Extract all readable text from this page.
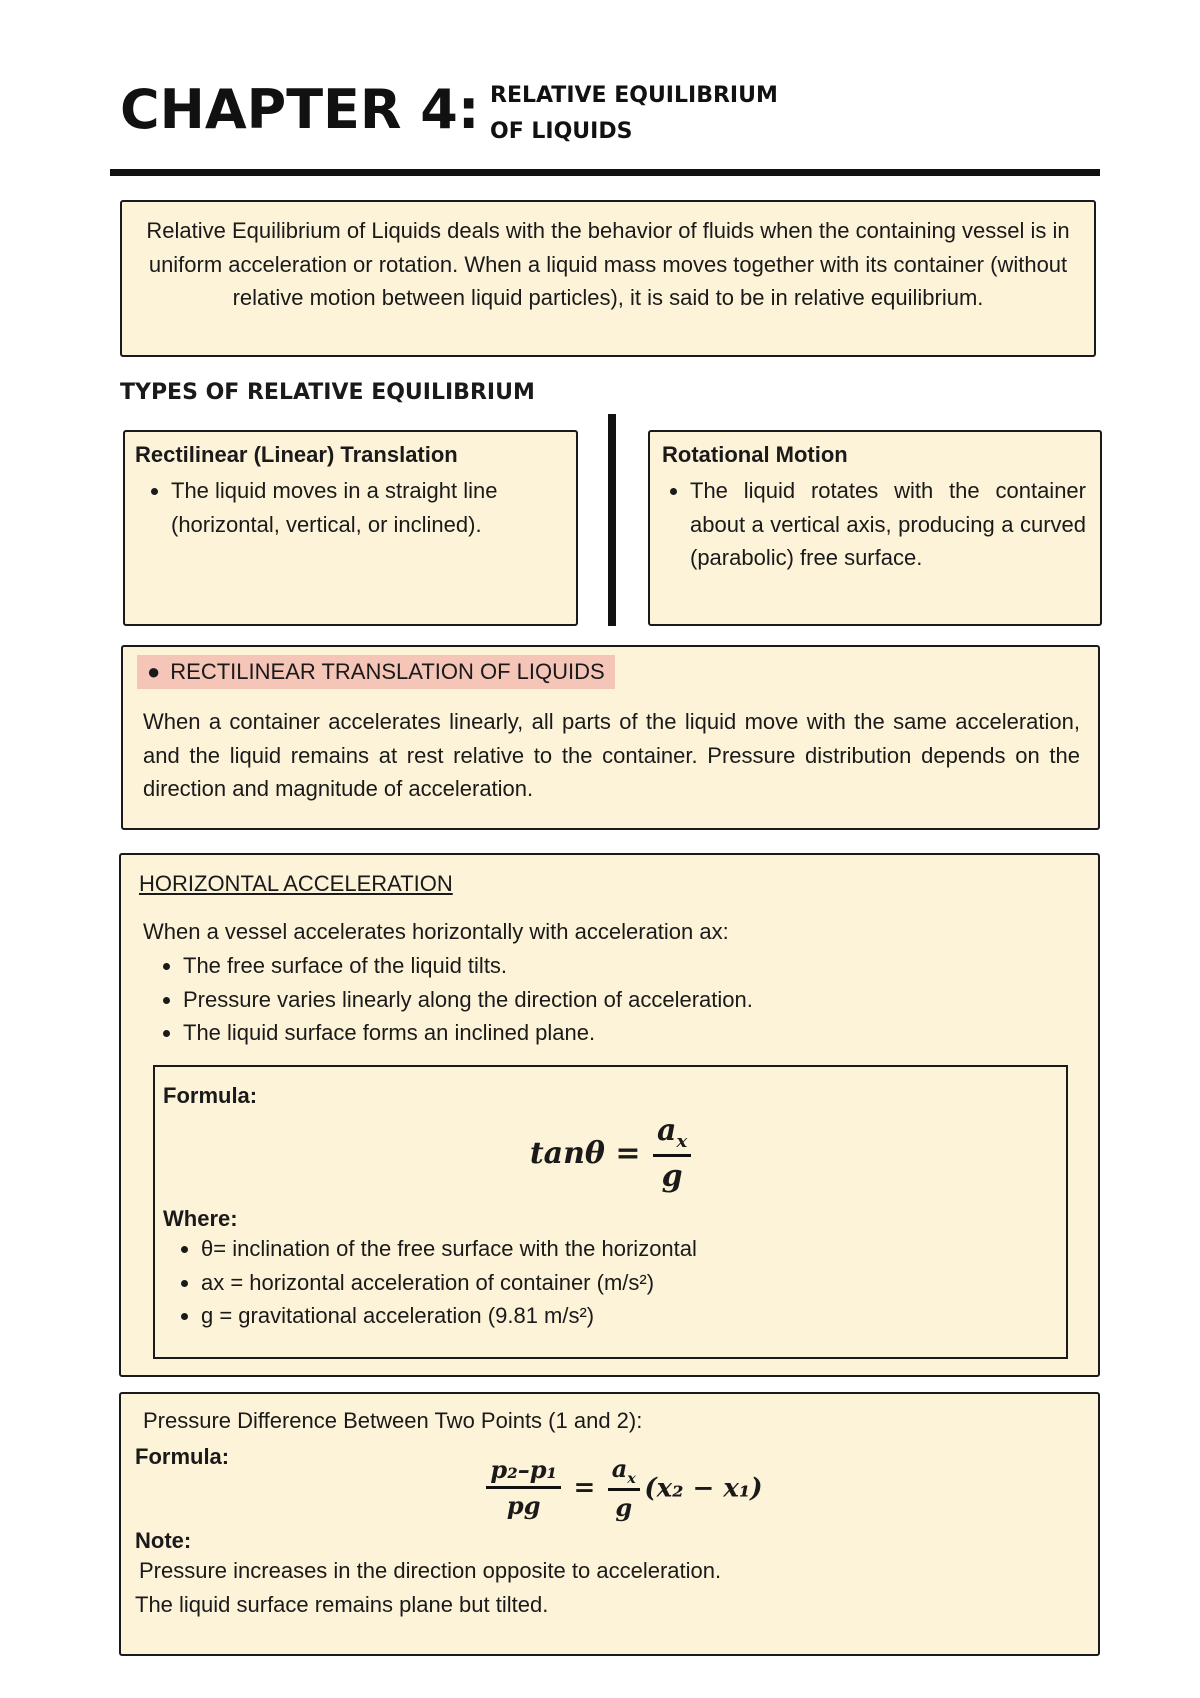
CHAPTER 4: RELATIVE EQUILIBRIUM
OF LIQUIDS
Relative Equilibrium of Liquids deals with the behavior of fluids when the containing vessel is in uniform acceleration or rotation. When a liquid mass moves together with its container (without relative motion between liquid particles), it is said to be in relative equilibrium.
TYPES OF RELATIVE EQUILIBRIUM
Rectilinear (Linear) Translation
• The liquid moves in a straight line (horizontal, vertical, or inclined).
Rotational Motion
• The liquid rotates with the container about a vertical axis, producing a curved (parabolic) free surface.
● RECTILINEAR TRANSLATION OF LIQUIDS
When a container accelerates linearly, all parts of the liquid move with the same acceleration, and the liquid remains at rest relative to the container. Pressure distribution depends on the direction and magnitude of acceleration.
HORIZONTAL ACCELERATION
When a vessel accelerates horizontally with acceleration ax:
• The free surface of the liquid tilts.
• Pressure varies linearly along the direction of acceleration.
• The liquid surface forms an inclined plane.
Formula:
$\tan\theta = \frac{a_x}{g}$
Where:
• θ= inclination of the free surface with the horizontal
• ax = horizontal acceleration of container (m/s²)
• g = gravitational acceleration (9.81 m/s²)
Pressure Difference Between Two Points (1 and 2):
Formula:	$\frac{\text{p₂–p₁}}{pg} = \frac{a_x}{g} (x_2 - x_1)$
Note:
Pressure increases in the direction opposite to acceleration.
The liquid surface remains plane but tilted.
